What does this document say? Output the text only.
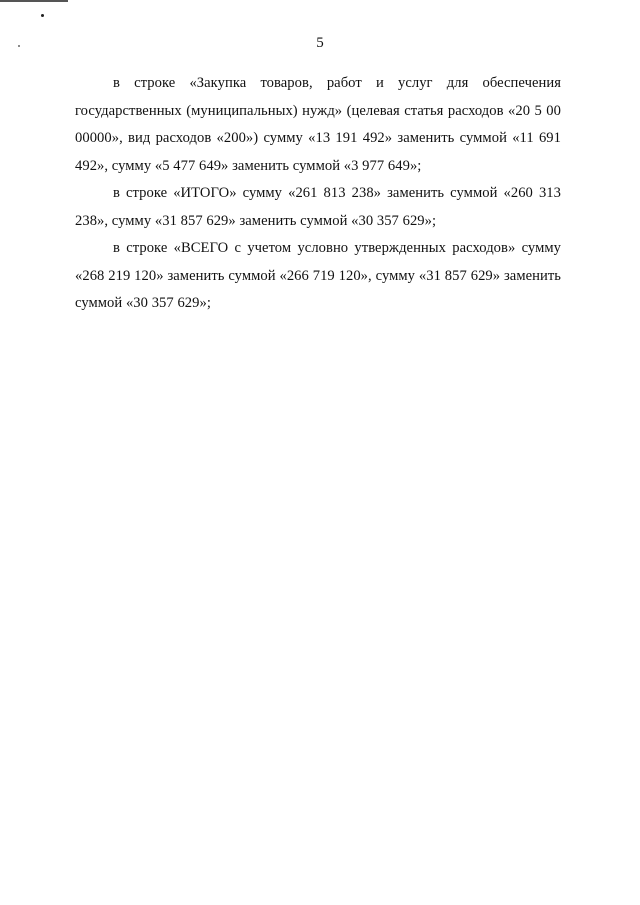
5

в строке «Закупка товаров, работ и услуг для обеспечения государственных (муниципальных) нужд» (целевая статья расходов «20 5 00 00000», вид расходов «200») сумму «13 191 492» заменить суммой «11 691 492», сумму «5 477 649» заменить суммой «3 977 649»;

в строке «ИТОГО» сумму «261 813 238» заменить суммой «260 313 238», сумму «31 857 629» заменить суммой «30 357 629»;

в строке «ВСЕГО с учетом условно утвержденных расходов» сумму «268 219 120» заменить суммой «266 719 120», сумму «31 857 629» заменить суммой «30 357 629»;
